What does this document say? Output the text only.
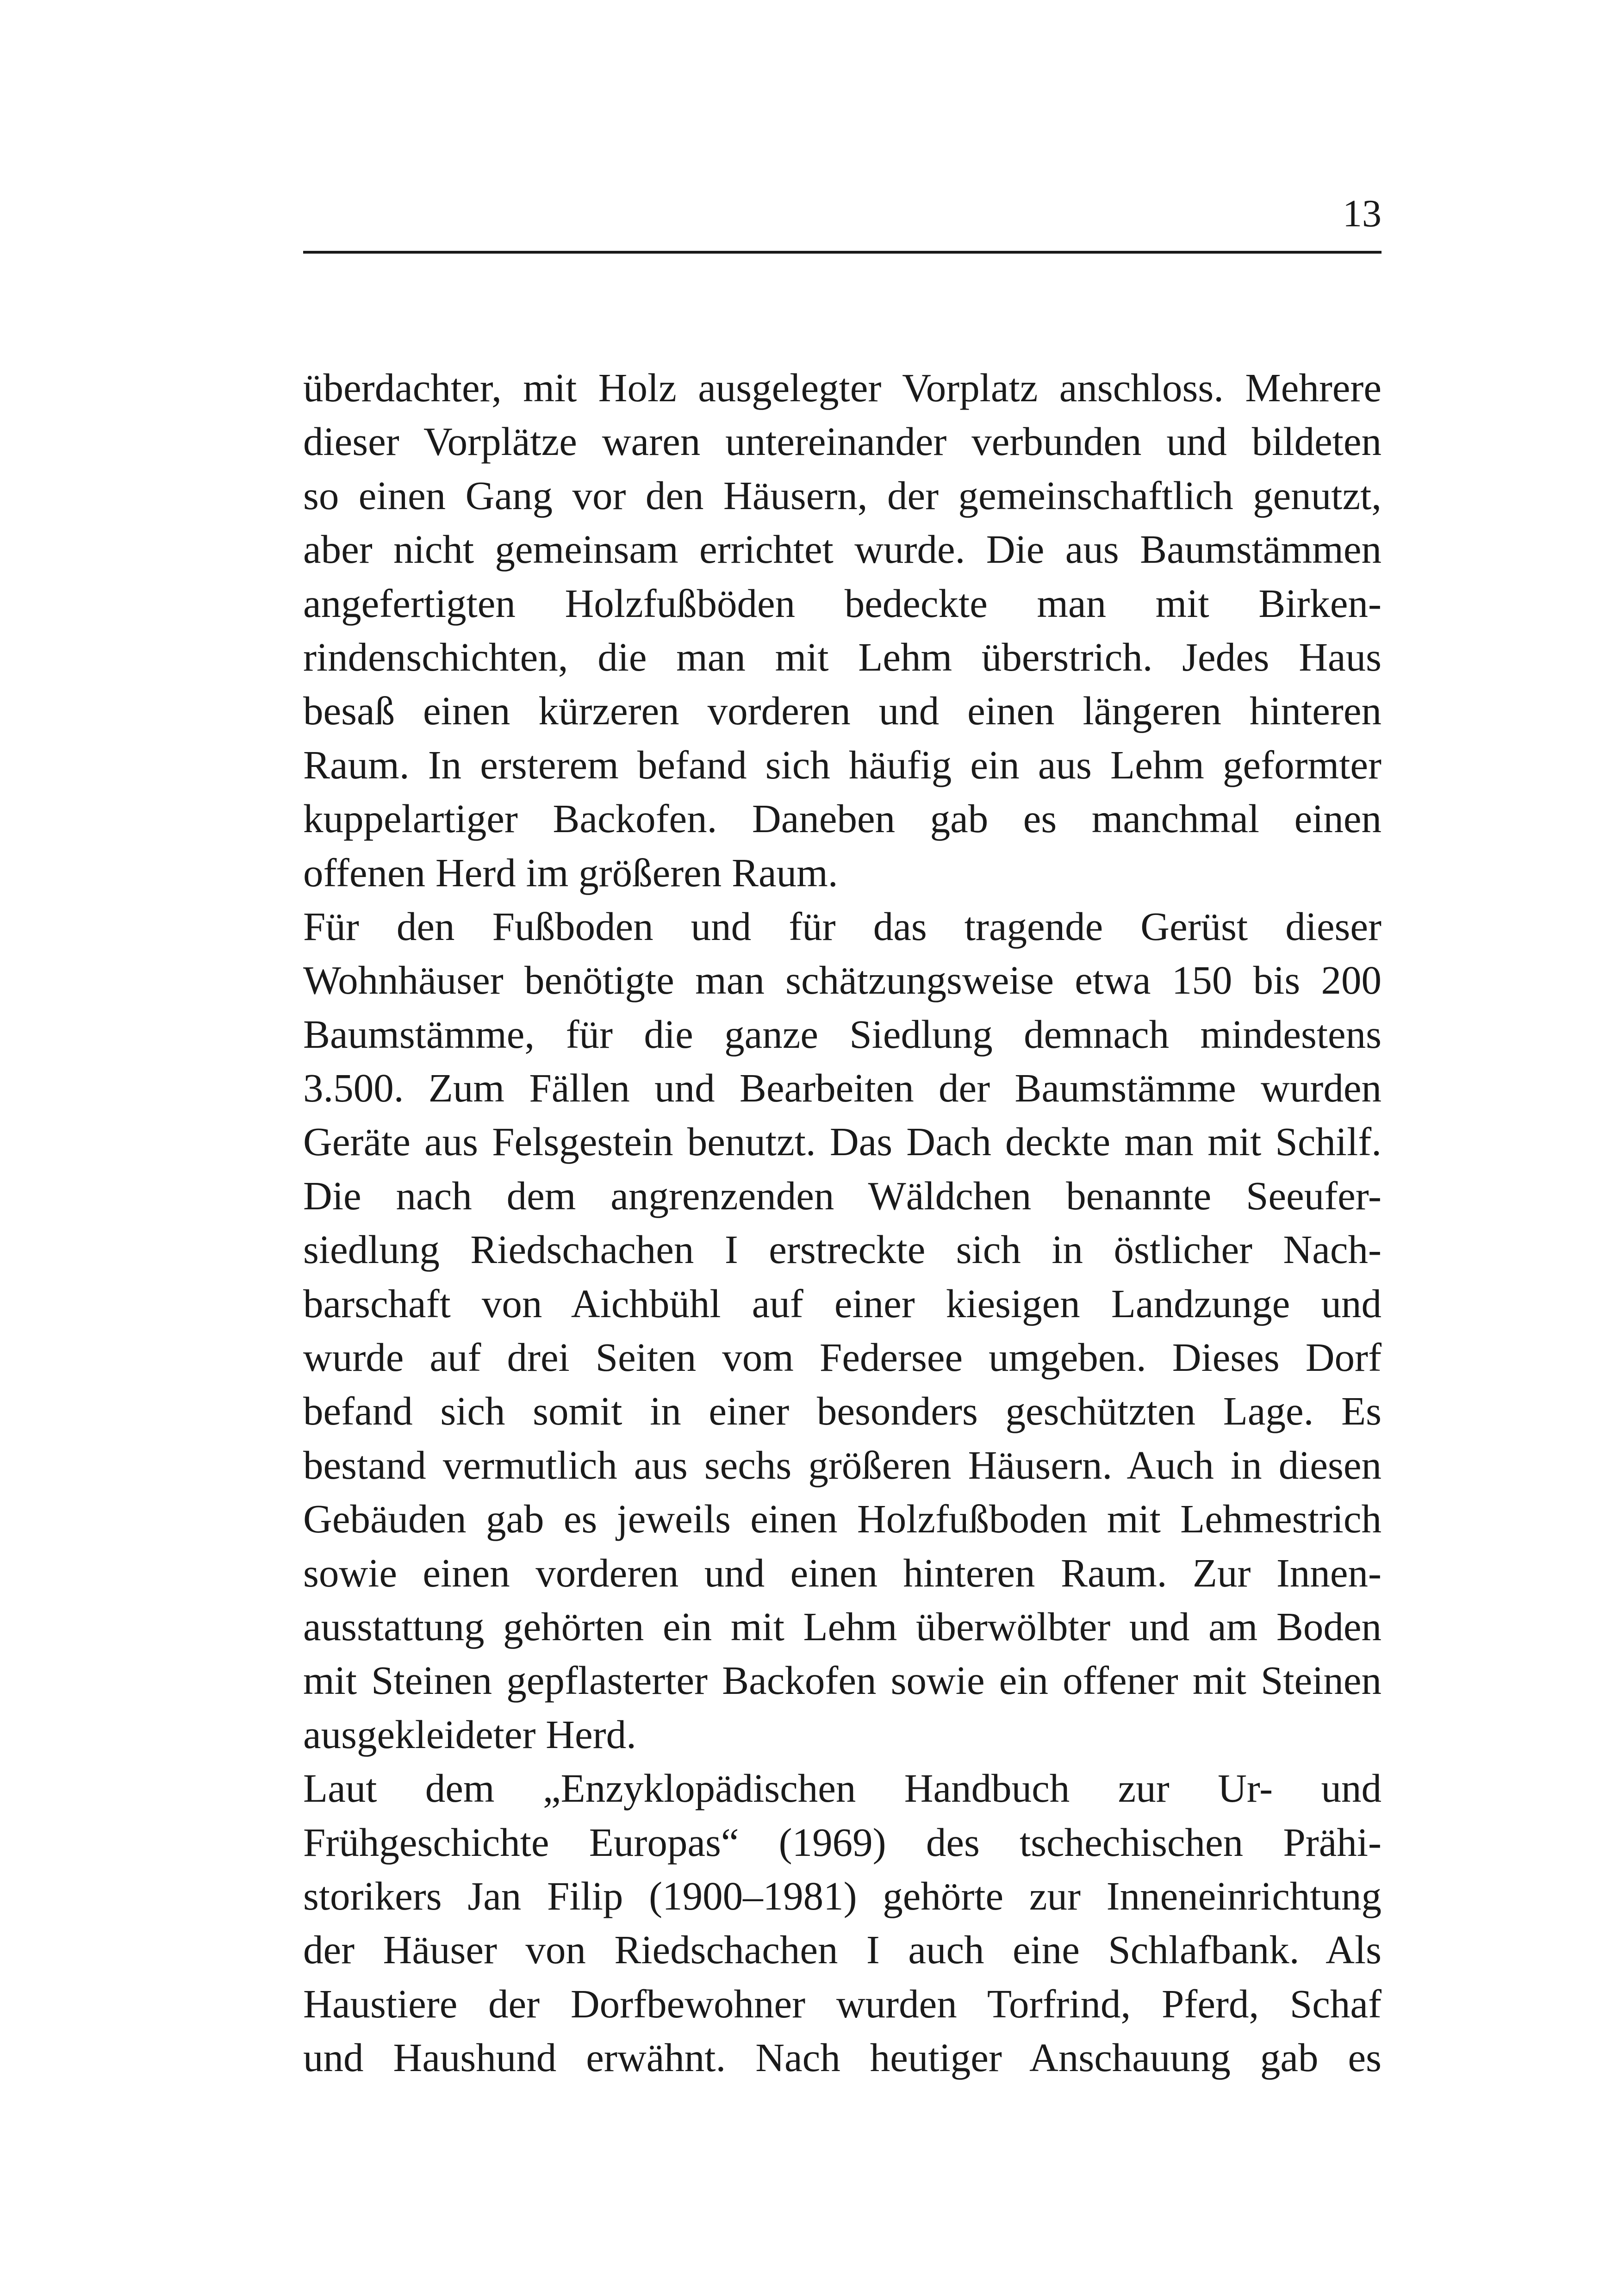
13
überdachter, mit Holz ausgelegter Vorplatz anschloss. Mehrere
dieser Vorplätze waren untereinander verbunden und bildeten
so einen Gang vor den Häusern, der gemeinschaftlich genutzt,
aber nicht gemeinsam errichtet wurde. Die aus Baumstämmen
angefertigten Holzfußböden bedeckte man mit Birken-
rindenschichten, die man mit Lehm überstrich. Jedes Haus
besaß einen kürzeren vorderen und einen längeren hinteren
Raum. In ersterem befand sich häufig ein aus Lehm geformter
kuppelartiger Backofen. Daneben gab es manchmal einen
offenen Herd im größeren Raum.
Für den Fußboden und für das tragende Gerüst dieser
Wohnhäuser benötigte man schätzungsweise etwa 150 bis 200
Baumstämme, für die ganze Siedlung demnach mindestens
3.500. Zum Fällen und Bearbeiten der Baumstämme wurden
Geräte aus Felsgestein benutzt. Das Dach deckte man mit Schilf.
Die nach dem angrenzenden Wäldchen benannte Seeufer-
siedlung Riedschachen I erstreckte sich in östlicher Nach-
barschaft von Aichbühl auf einer kiesigen Landzunge und
wurde auf drei Seiten vom Federsee umgeben. Dieses Dorf
befand sich somit in einer besonders geschützten Lage. Es
bestand vermutlich aus sechs größeren Häusern. Auch in diesen
Gebäuden gab es jeweils einen Holzfußboden mit Lehmestrich
sowie einen vorderen und einen hinteren Raum. Zur Innen-
ausstattung gehörten ein mit Lehm überwölbter und am Boden
mit Steinen gepflasterter Backofen sowie ein offener mit Steinen
ausgekleideter Herd.
Laut dem „Enzyklopädischen Handbuch zur Ur- und
Frühgeschichte Europas“ (1969) des tschechischen Prähi-
storikers Jan Filip (1900–1981) gehörte zur Inneneinrichtung
der Häuser von Riedschachen I auch eine Schlafbank. Als
Haustiere der Dorfbewohner wurden Torfrind, Pferd, Schaf
und Haushund erwähnt. Nach heutiger Anschauung gab es
